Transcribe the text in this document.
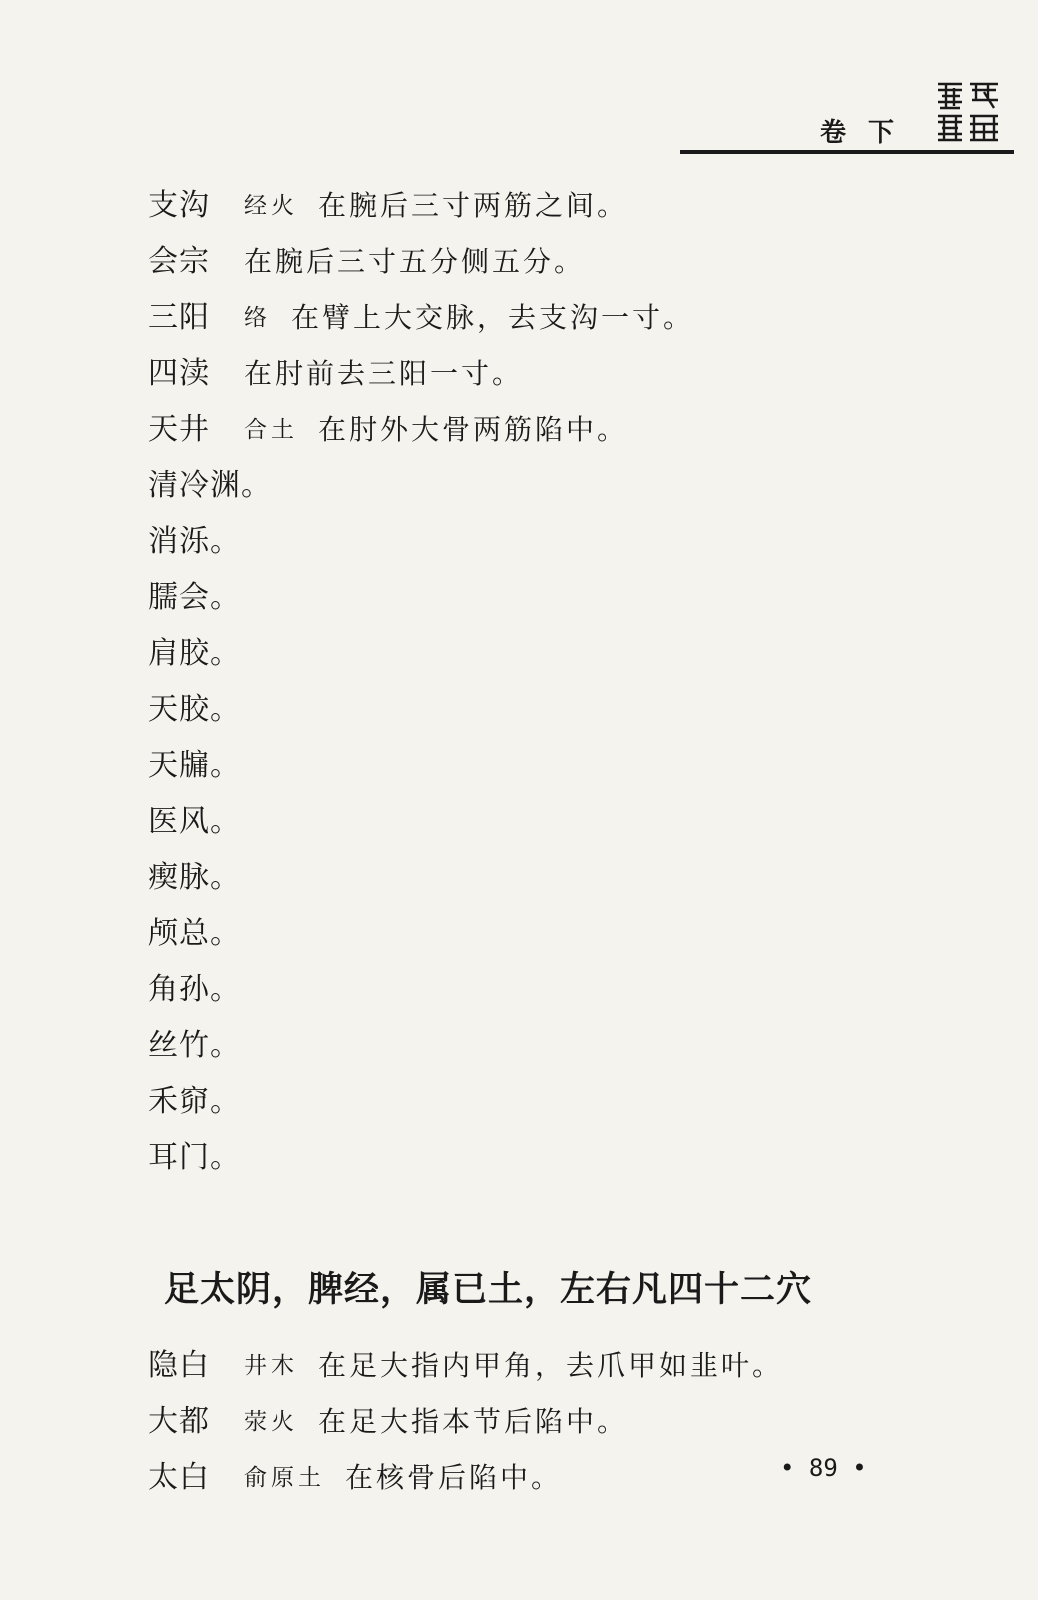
卷下
支沟	经火 在腕后三寸两筋之间。
会宗	在腕后三寸五分侧五分。
三阳	络 在臂上大交脉，去支沟一寸。
四渎	在肘前去三阳一寸。
天井	合土 在肘外大骨两筋陷中。
清冷渊。
消泺。
臑会。
肩胶。
天胶。
天牖。
医风。
瘈脉。
颅总。
角孙。
丝竹。
禾窌。
耳门。
足太阴，脾经，属已土，左右凡四十二穴
隐白	井木 在足大指内甲角，去爪甲如韭叶。
大都	荥火 在足大指本节后陷中。
太白	俞原土 在核骨后陷中。	• 89 •
